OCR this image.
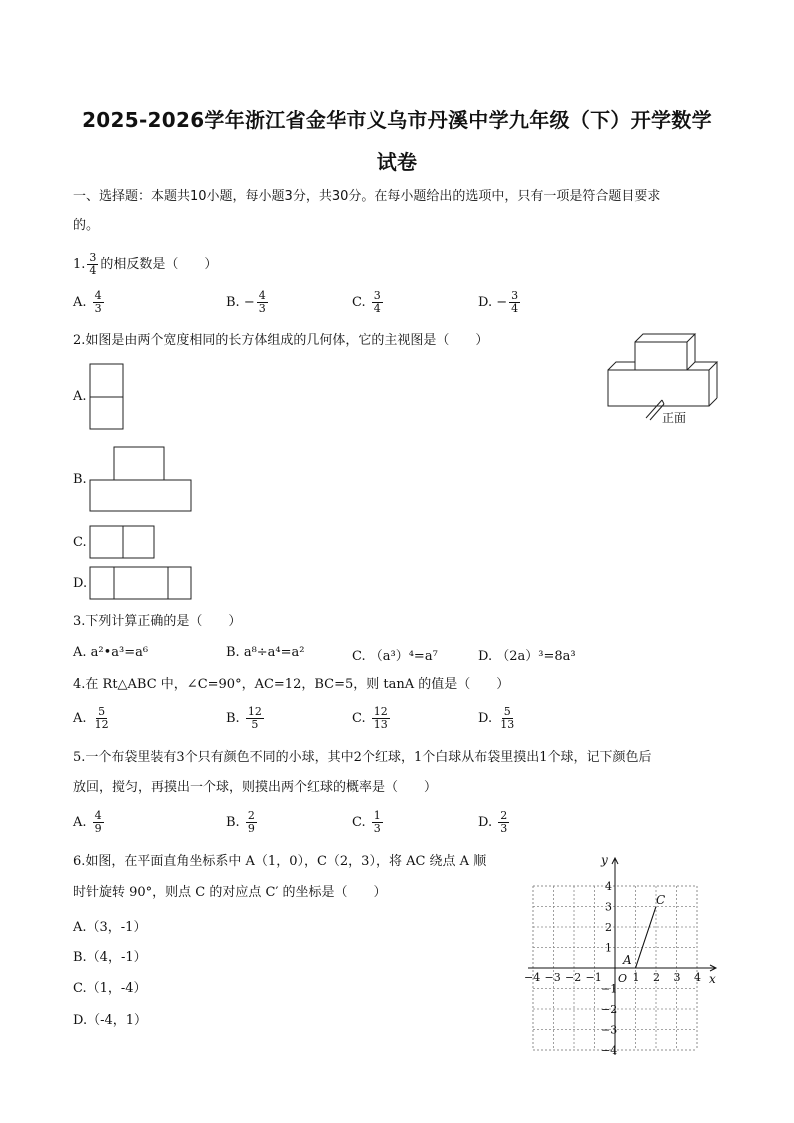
2025-2026学年浙江省金华市义乌市丹溪中学九年级（下）开学数学
试卷
一、选择题：本题共10小题，每小题3分，共30分。在每小题给出的选项中，只有一项是符合题目要求
的。
1. $\frac{3}{4}$ 的相反数是（　　）
A. $\frac{4}{3}$	B. − $\frac{4}{3}$	C. $\frac{3}{4}$	D. − $\frac{3}{4}$
2.如图是由两个宽度相同的长方体组成的几何体，它的主视图是（　　）
正面
A.
B.
C.
D.
3.下列计算正确的是（　　）
A. a²•a³=a⁶	B. a⁸÷a⁴=a²	C. （a³）⁴=a⁷	D. （2a）³=8a³
4.在 Rt△ABC 中，∠C=90°，AC=12，BC=5，则 tanA 的值是（　　）
A. $\frac{5}{12}$	B. $\frac{12}{5}$	C. $\frac{12}{13}$	D. $\frac{5}{13}$
5.一个布袋里装有3个只有颜色不同的小球，其中2个红球，1个白球从布袋里摸出1个球，记下颜色后
放回，搅匀，再摸出一个球，则摸出两个红球的概率是（　　）
A. $\frac{4}{9}$	B. $\frac{2}{9}$	C. $\frac{1}{3}$	D. $\frac{2}{3}$
6.如图，在平面直角坐标系中 A（1，0），C（2，3），将 AC 绕点 A 顺
时针旋转 90°，则点 C 的对应点 C′ 的坐标是（　　）
A.（3，-1）
B.（4，-1）
C.（1，-4）
D.（-4，1）
−4 −3 −2 −1	1 2 3 4
4
3
2
1
−1
−2
−3
−4
x
y
O
A
C
